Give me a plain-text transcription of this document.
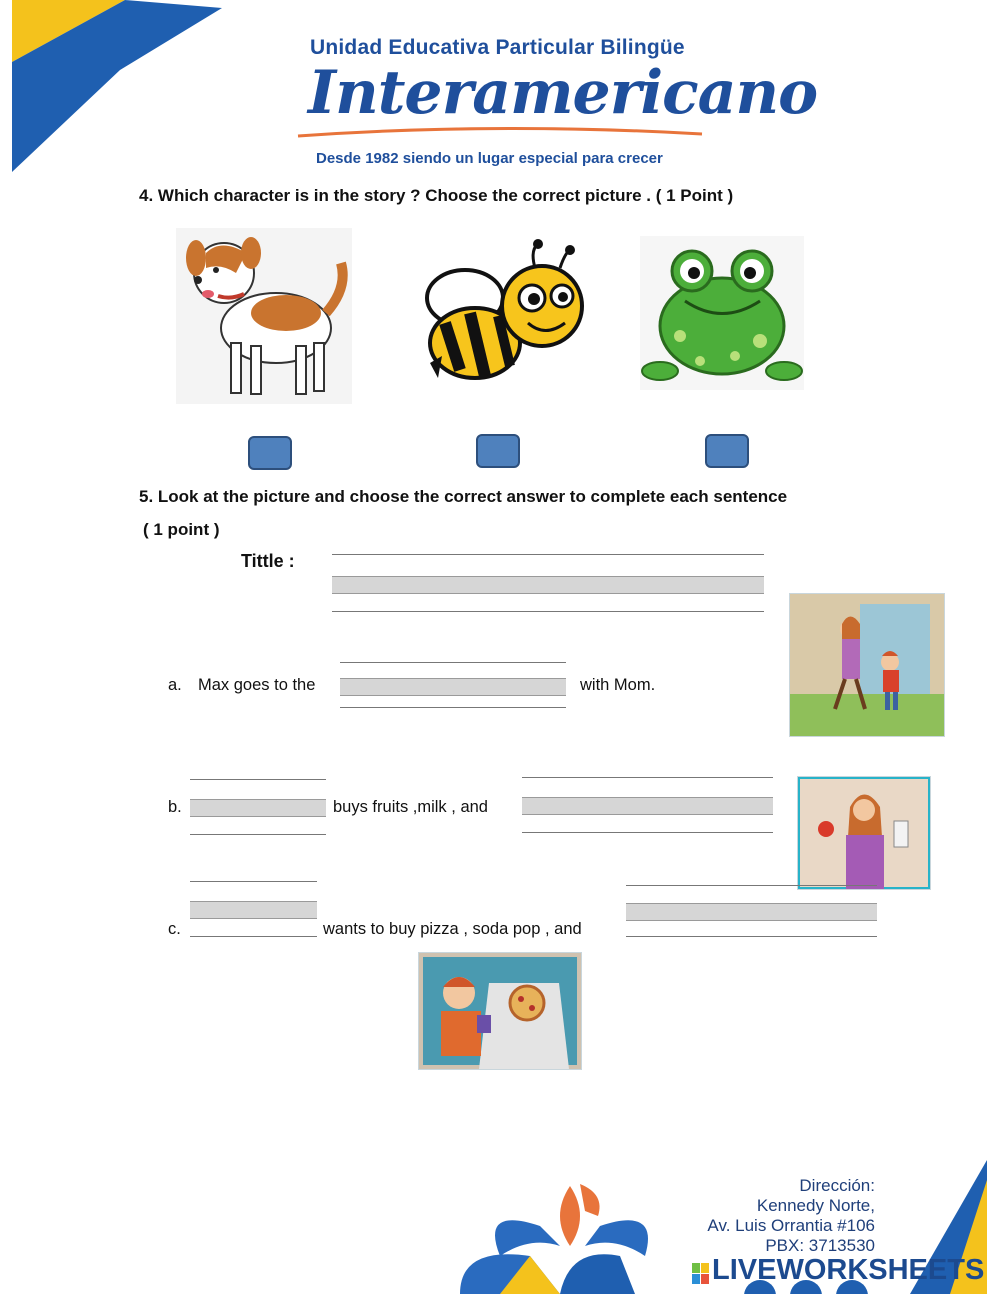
Unidad Educativa Particular Bilingüe
Interamericano
Desde 1982 siendo un lugar especial para crecer
4. Which character is in the story ? Choose the correct picture . ( 1 Point )
5. Look at the picture and choose the correct answer to complete each sentence
( 1 point )
Tittle :
a. Max goes to the	with Mom.
b.	buys fruits ,milk , and
c.	wants to buy pizza , soda pop , and
Dirección:
Kennedy Norte,
Av. Luis Orrantia #106
PBX: 3713530
LIVEWORKSHEETS
